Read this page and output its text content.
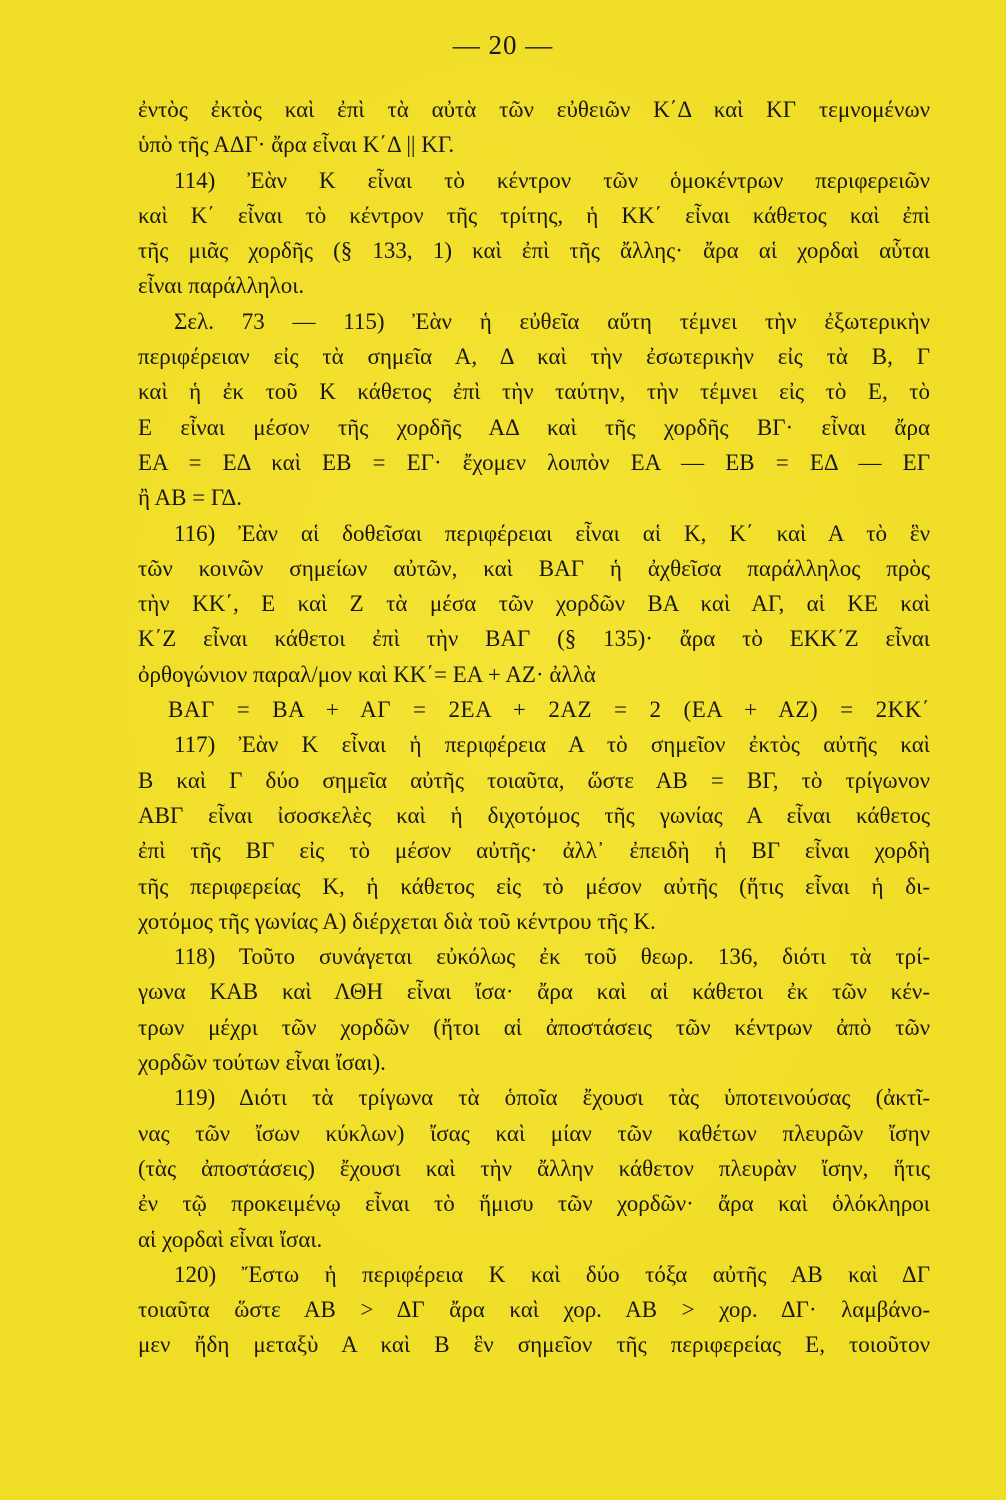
— 20 —
ἐντὸς ἐκτὸς καὶ ἐπὶ τὰ αὐτὰ τῶν εὐθειῶν Κ΄Δ καὶ ΚΓ τεμνομένων
ὑπὸ τῆς ΑΔΓ· ἄρα εἶναι Κ΄Δ || ΚΓ.
114) Ἐὰν Κ εἶναι τὸ κέντρον τῶν ὁμοκέντρων περιφερειῶν
καὶ Κ΄ εἶναι τὸ κέντρον τῆς τρίτης, ἡ ΚΚ΄ εἶναι κάθετος καὶ ἐπὶ
τῆς μιᾶς χορδῆς (§ 133, 1) καὶ ἐπὶ τῆς ἄλλης· ἄρα αἱ χορδαὶ αὗται
εἶναι παράλληλοι.
Σελ. 73 — 115) Ἐὰν ἡ εὐθεῖα αὕτη τέμνει τὴν ἐξωτερικὴν
περιφέρειαν εἰς τὰ σημεῖα Α, Δ καὶ τὴν ἐσωτερικὴν εἰς τὰ Β, Γ
καὶ ἡ ἐκ τοῦ Κ κάθετος ἐπὶ τὴν ταύτην, τὴν τέμνει εἰς τὸ Ε, τὸ
Ε εἶναι μέσον τῆς χορδῆς ΑΔ καὶ τῆς χορδῆς ΒΓ· εἶναι ἄρα
ΕΑ = ΕΔ καὶ ΕΒ = ΕΓ· ἔχομεν λοιπὸν ΕΑ — ΕΒ = ΕΔ — ΕΓ
ἢ ΑΒ = ΓΔ.
116) Ἐὰν αἱ δοθεῖσαι περιφέρειαι εἶναι αἱ Κ, Κ΄ καὶ Α τὸ ἓν
τῶν κοινῶν σημείων αὐτῶν, καὶ ΒΑΓ ἡ ἀχθεῖσα παράλληλος πρὸς
τὴν ΚΚ΄, Ε καὶ Ζ τὰ μέσα τῶν χορδῶν ΒΑ καὶ ΑΓ, αἱ ΚΕ καὶ
Κ΄Ζ εἶναι κάθετοι ἐπὶ τὴν ΒΑΓ (§ 135)· ἄρα τὸ ΕΚΚ΄Ζ εἶναι
ὀρθογώνιον παραλ/μον καὶ ΚΚ΄= ΕΑ + ΑΖ· ἀλλὰ
ΒΑΓ = ΒΑ + ΑΓ = 2ΕΑ + 2ΑΖ = 2 (ΕΑ + ΑΖ) = 2ΚΚ΄
117) Ἐὰν Κ εἶναι ἡ περιφέρεια Α τὸ σημεῖον ἐκτὸς αὐτῆς καὶ
Β καὶ Γ δύο σημεῖα αὐτῆς τοιαῦτα, ὥστε ΑΒ = ΒΓ, τὸ τρίγωνον
ΑΒΓ εἶναι ἰσοσκελὲς καὶ ἡ διχοτόμος τῆς γωνίας Α εἶναι κάθετος
ἐπὶ τῆς ΒΓ εἰς τὸ μέσον αὐτῆς· ἀλλ᾿ ἐπειδὴ ἡ ΒΓ εἶναι χορδὴ
τῆς περιφερείας Κ, ἡ κάθετος εἰς τὸ μέσον αὐτῆς (ἥτις εἶναι ἡ δι-
χοτόμος τῆς γωνίας Α) διέρχεται διὰ τοῦ κέντρου τῆς Κ.
118) Τοῦτο συνάγεται εὐκόλως ἐκ τοῦ θεωρ. 136, διότι τὰ τρί-
γωνα ΚΑΒ καὶ ΛΘΗ εἶναι ἴσα· ἄρα καὶ αἱ κάθετοι ἐκ τῶν κέν-
τρων μέχρι τῶν χορδῶν (ἤτοι αἱ ἀποστάσεις τῶν κέντρων ἀπὸ τῶν
χορδῶν τούτων εἶναι ἴσαι).
119) Διότι τὰ τρίγωνα τὰ ὁποῖα ἔχουσι τὰς ὑποτεινούσας (ἀκτῖ-
νας τῶν ἴσων κύκλων) ἴσας καὶ μίαν τῶν καθέτων πλευρῶν ἴσην
(τὰς ἀποστάσεις) ἔχουσι καὶ τὴν ἄλλην κάθετον πλευρὰν ἴσην, ἥτις
ἐν τῷ προκειμένῳ εἶναι τὸ ἥμισυ τῶν χορδῶν· ἄρα καὶ ὁλόκληροι
αἱ χορδαὶ εἶναι ἴσαι.
120) Ἔστω ἡ περιφέρεια Κ καὶ δύο τόξα αὐτῆς ΑΒ καὶ ΔΓ
τοιαῦτα ὥστε ΑΒ > ΔΓ ἄρα καὶ χορ. ΑΒ > χορ. ΔΓ· λαμβάνο-
μεν ἤδη μεταξὺ Α καὶ Β ἓν σημεῖον τῆς περιφερείας Ε, τοιοῦτον
